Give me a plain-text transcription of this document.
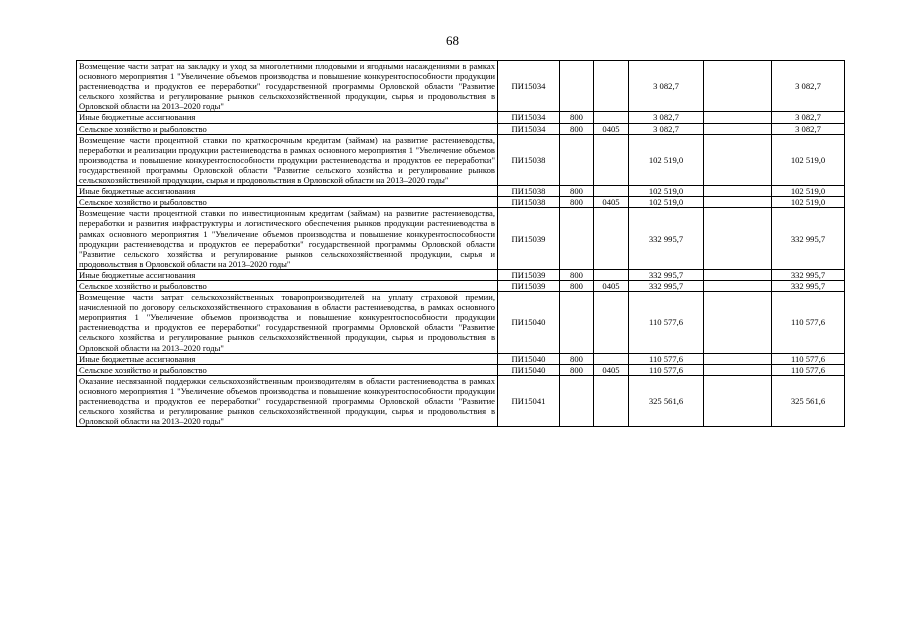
68
Возмещение части затрат на закладку и уход за многолетними плодовыми и ягодными насаждениями в рамках основного мероприятия 1 "Увеличение объемов производства и повышение конкурентоспособности продукции растениеводства и продуктов ее переработки" государственной программы Орловской области "Развитие сельского хозяйства и регулирование рынков сельскохозяйственной продукции, сырья и продовольствия в Орловской области на 2013–2020 годы"	ПИ15034			3 082,7		3 082,7
Иные бюджетные ассигнования	ПИ15034	800		3 082,7		3 082,7
Сельское хозяйство и рыболовство	ПИ15034	800	0405	3 082,7		3 082,7
Возмещение части процентной ставки по краткосрочным кредитам (займам) на развитие растениеводства, переработки и реализации продукции растениеводства в рамках основного мероприятия 1 "Увеличение объемов производства и повышение конкурентоспособности продукции растениеводства и продуктов ее переработки" государственной программы Орловской области "Развитие сельского хозяйства и регулирование рынков сельскохозяйственной продукции, сырья и продовольствия в Орловской области на 2013–2020 годы"	ПИ15038			102 519,0		102 519,0
Иные бюджетные ассигнования	ПИ15038	800		102 519,0		102 519,0
Сельское хозяйство и рыболовство	ПИ15038	800	0405	102 519,0		102 519,0
Возмещение части процентной ставки по инвестиционным кредитам (займам) на развитие растениеводства, переработки и развития инфраструктуры и логистического обеспечения рынков продукции растениеводства в рамках основного мероприятия 1 "Увеличение объемов производства и повышение конкурентоспособности продукции растениеводства и продуктов ее переработки" государственной программы Орловской области "Развитие сельского хозяйства и регулирование рынков сельскохозяйственной продукции, сырья и продовольствия в Орловской области на 2013–2020 годы"	ПИ15039			332 995,7		332 995,7
Иные бюджетные ассигнования	ПИ15039	800		332 995,7		332 995,7
Сельское хозяйство и рыболовство	ПИ15039	800	0405	332 995,7		332 995,7
Возмещение части затрат сельскохозяйственных товаропроизводителей на уплату страховой премии, начисленной по договору сельскохозяйственного страхования в области растениеводства, в рамках основного мероприятия 1 "Увеличение объемов производства и повышение конкурентоспособности продукции растениеводства и продуктов ее переработки" государственной программы Орловской области "Развитие сельского хозяйства и регулирование рынков сельскохозяйственной продукции, сырья и продовольствия в Орловской области на 2013–2020 годы"	ПИ15040			110 577,6		110 577,6
Иные бюджетные ассигнования	ПИ15040	800		110 577,6		110 577,6
Сельское хозяйство и рыболовство	ПИ15040	800	0405	110 577,6		110 577,6
Оказание несвязанной поддержки сельскохозяйственным производителям в области растениеводства в рамках основного мероприятия 1 "Увеличение объемов производства и повышение конкурентоспособности продукции растениеводства и продуктов ее переработки" государственной программы Орловской области "Развитие сельского хозяйства и регулирование рынков сельскохозяйственной продукции, сырья и продовольствия в Орловской области на 2013–2020 годы"	ПИ15041			325 561,6		325 561,6
